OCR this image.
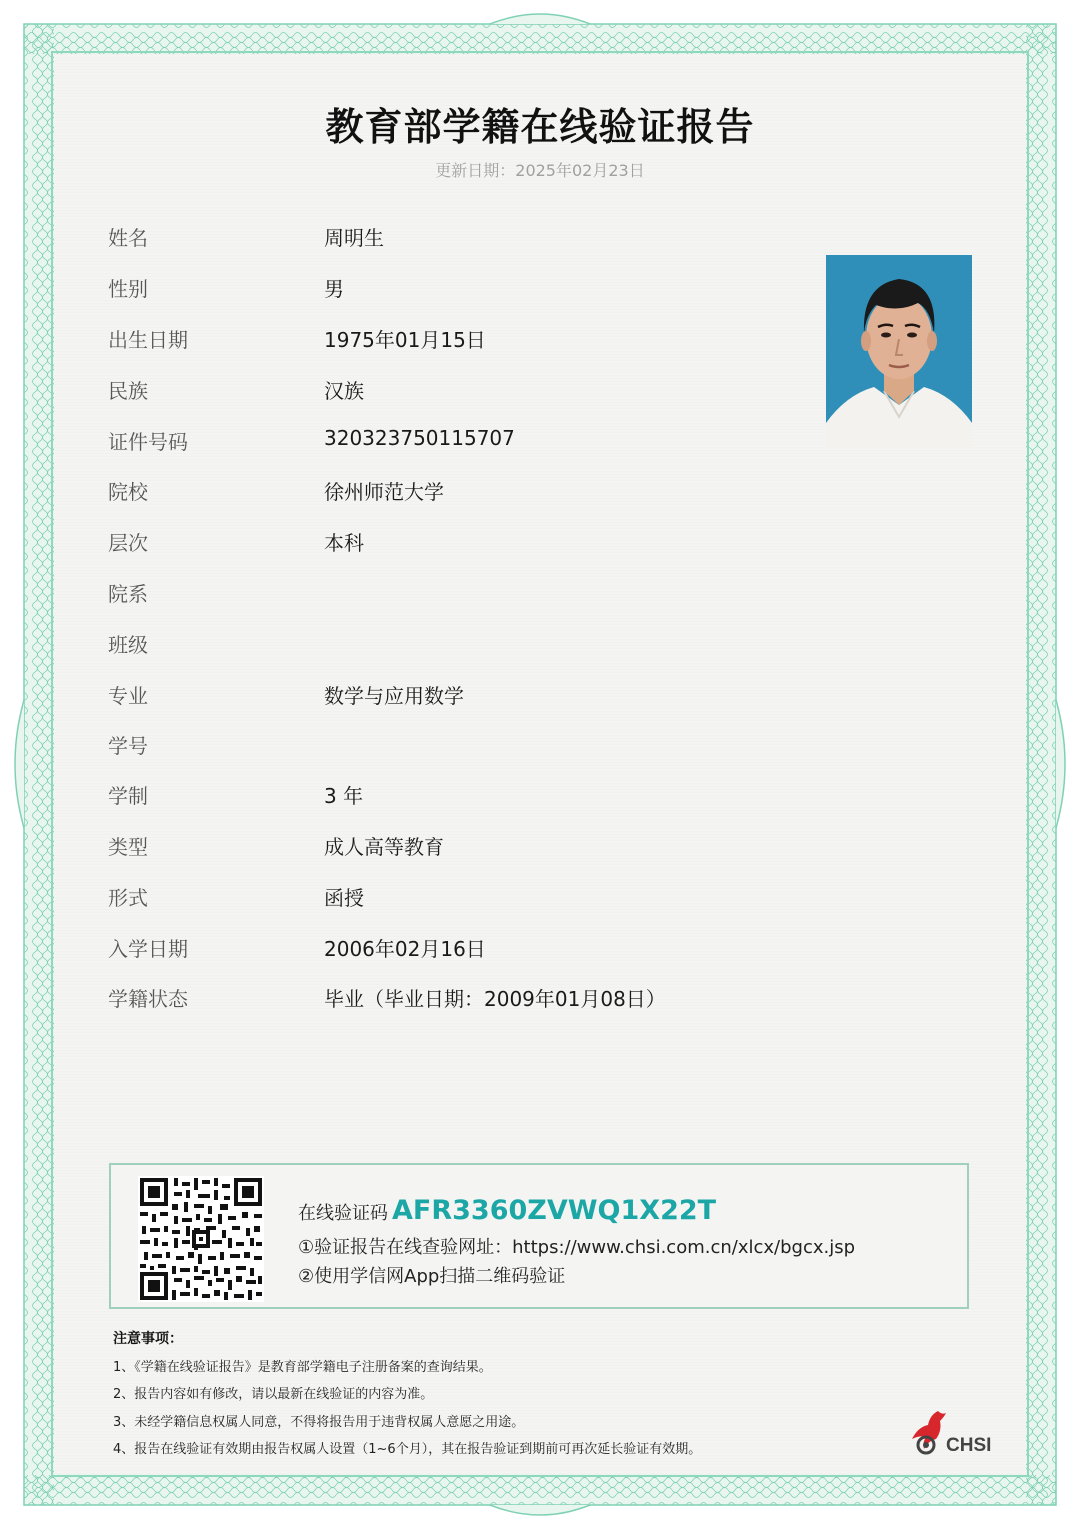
教育部学籍在线验证报告
更新日期：2025年02月23日
姓名	周明生
性别	男
出生日期	1975年01月15日
民族	汉族
证件号码	320323750115707
院校	徐州师范大学
层次	本科
院系
班级
专业	数学与应用数学
学号
学制	3 年
类型	成人高等教育
形式	函授
入学日期	2006年02月16日
学籍状态	毕业（毕业日期：2009年01月08日）
在线验证码 AFR3360ZVWQ1X22T
①验证报告在线查验网址：https://www.chsi.com.cn/xlcx/bgcx.jsp
②使用学信网App扫描二维码验证
注意事项：
1、《学籍在线验证报告》是教育部学籍电子注册备案的查询结果。
2、报告内容如有修改，请以最新在线验证的内容为准。
3、未经学籍信息权属人同意，不得将报告用于违背权属人意愿之用途。
4、报告在线验证有效期由报告权属人设置（1~6个月），其在报告验证到期前可再次延长验证有效期。	CHSI
